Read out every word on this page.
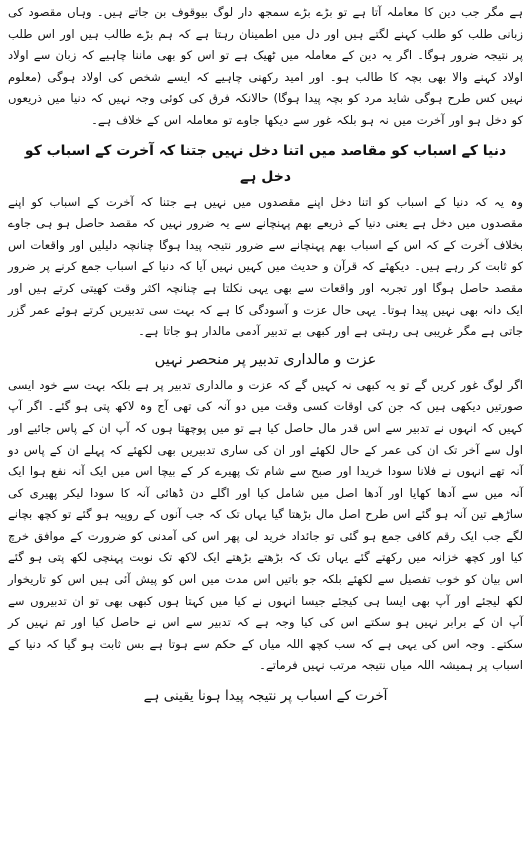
ہے مگر جب دین کا معاملہ آتا ہے تو بڑے بڑے سمجھ دار لوگ بیوقوف بن جاتے ہیں۔ وہاں مقصود کی زبانی طلب کو طلب کہنے لگتے ہیں اور دل میں اطمینان رہتا ہے کہ ہم بڑے طالب ہیں اور اس طلب پر نتیجہ ضرور ہوگا۔ اگر یہ دین کے معاملہ میں ٹھیک ہے تو اس کو بھی ماننا چاہیے کہ زبان سے اولاد اولاد کہنے والا بھی بچہ کا طالب ہو۔ اور امید رکھنی چاہیے کہ ایسے شخص کی اولاد ہوگی (معلوم نہیں کس طرح ہوگی شاید مرد کو بچہ پیدا ہوگا) حالانکہ فرق کی کوئی وجہ نہیں کہ دنیا میں ذریعوں کو دخل ہو اور آخرت میں نہ ہو بلکہ غور سے دیکھا جاوے تو معاملہ اس کے خلاف ہے۔

دنیا کے اسباب کو مقاصد میں اتنا دخل نہیں جتنا کہ آخرت کے اسباب کو دخل ہے

وہ یہ کہ دنیا کے اسباب کو اتنا دخل اپنے مقصدوں میں نہیں ہے جتنا کہ آخرت کے اسباب کو اپنے مقصدوں میں دخل ہے یعنی دنیا کے ذریعے بھم پہنچانے سے یہ ضرور نہیں کہ مقصد حاصل ہو ہی جاوے بخلاف آخرت کے کہ اس کے اسباب بھم پہنچانے سے ضرور نتیجہ پیدا ہوگا چنانچہ دلیلیں اور واقعات اس کو ثابت کر رہے ہیں۔ دیکھئے کہ قرآن و حدیث میں کہیں نہیں آیا کہ دنیا کے اسباب جمع کرنے پر ضرور مقصد حاصل ہوگا اور تجربہ اور واقعات سے بھی یہی نکلتا ہے چنانچہ اکثر وقت کھیتی کرتے ہیں اور ایک دانہ بھی نہیں پیدا ہوتا۔ یہی حال عزت و آسودگی کا ہے کہ بہت سی تدبیریں کرتے ہوئے عمر گزر جاتی ہے مگر غریبی ہی رہتی ہے اور کبھی بے تدبیر آدمی مالدار ہو جاتا ہے۔

عزت و مالداری تدبیر پر منحصر نہیں

اگر لوگ غور کریں گے تو یہ کبھی نہ کہیں گے کہ عزت و مالداری تدبیر پر ہے بلکہ بہت سے خود ایسی صورتیں دیکھی ہیں کہ جن کی اوقات کسی وقت میں دو آنہ کی تھی آج وہ لاکھ پتی ہو گئے۔ اگر آپ کہیں کہ انہوں نے تدبیر سے اس قدر مال حاصل کیا ہے تو میں پوچھتا ہوں کہ آپ ان کے پاس جائیے اور اول سے آخر تک ان کی عمر کے حال لکھئے اور ان کی ساری تدبیریں بھی لکھئے کہ پہلے ان کے پاس دو آنہ تھے انہوں نے فلانا سودا خریدا اور صبح سے شام تک پھیرے کر کے بیچا اس میں ایک آنہ نفع ہوا ایک آنہ میں سے آدھا کھایا اور آدھا اصل میں شامل کیا اور اگلے دن ڈھائی آنہ کا سودا لیکر پھیری کی ساڑھے تین آنہ ہو گئے اس طرح اصل مال بڑھتا گیا یہاں تک کہ جب آنوں کے روپیہ ہو گئے تو کچھ بچانے لگے جب ایک رقم کافی جمع ہو گئی تو جائداد خرید لی پھر اس کی آمدنی کو ضرورت کے موافق خرچ کیا اور کچھ خزانہ میں رکھتے گئے یہاں تک کہ بڑھتے بڑھتے ایک لاکھ تک نوبت پہنچی لکھ پتی ہو گئے اس بیان کو خوب تفصیل سے لکھئے بلکہ جو باتیں اس مدت میں اس کو پیش آئی ہیں اس کو تاریخوار لکھ لیجئے اور آپ بھی ایسا ہی کیجئے جیسا انہوں نے کیا میں کہتا ہوں کبھی بھی تو ان تدبیروں سے آپ ان کے برابر نہیں ہو سکتے اس کی کیا وجہ ہے کہ تدبیر سے اس نے حاصل کیا اور تم نہیں کر سکتے۔ وجہ اس کی یہی ہے کہ سب کچھ اللہ میاں کے حکم سے ہوتا ہے بس ثابت ہو گیا کہ دنیا کے اسباب پر ہمیشہ اللہ میاں نتیجہ مرتب نہیں فرماتے۔

آخرت کے اسباب پر نتیجہ پیدا ہونا یقینی ہے
